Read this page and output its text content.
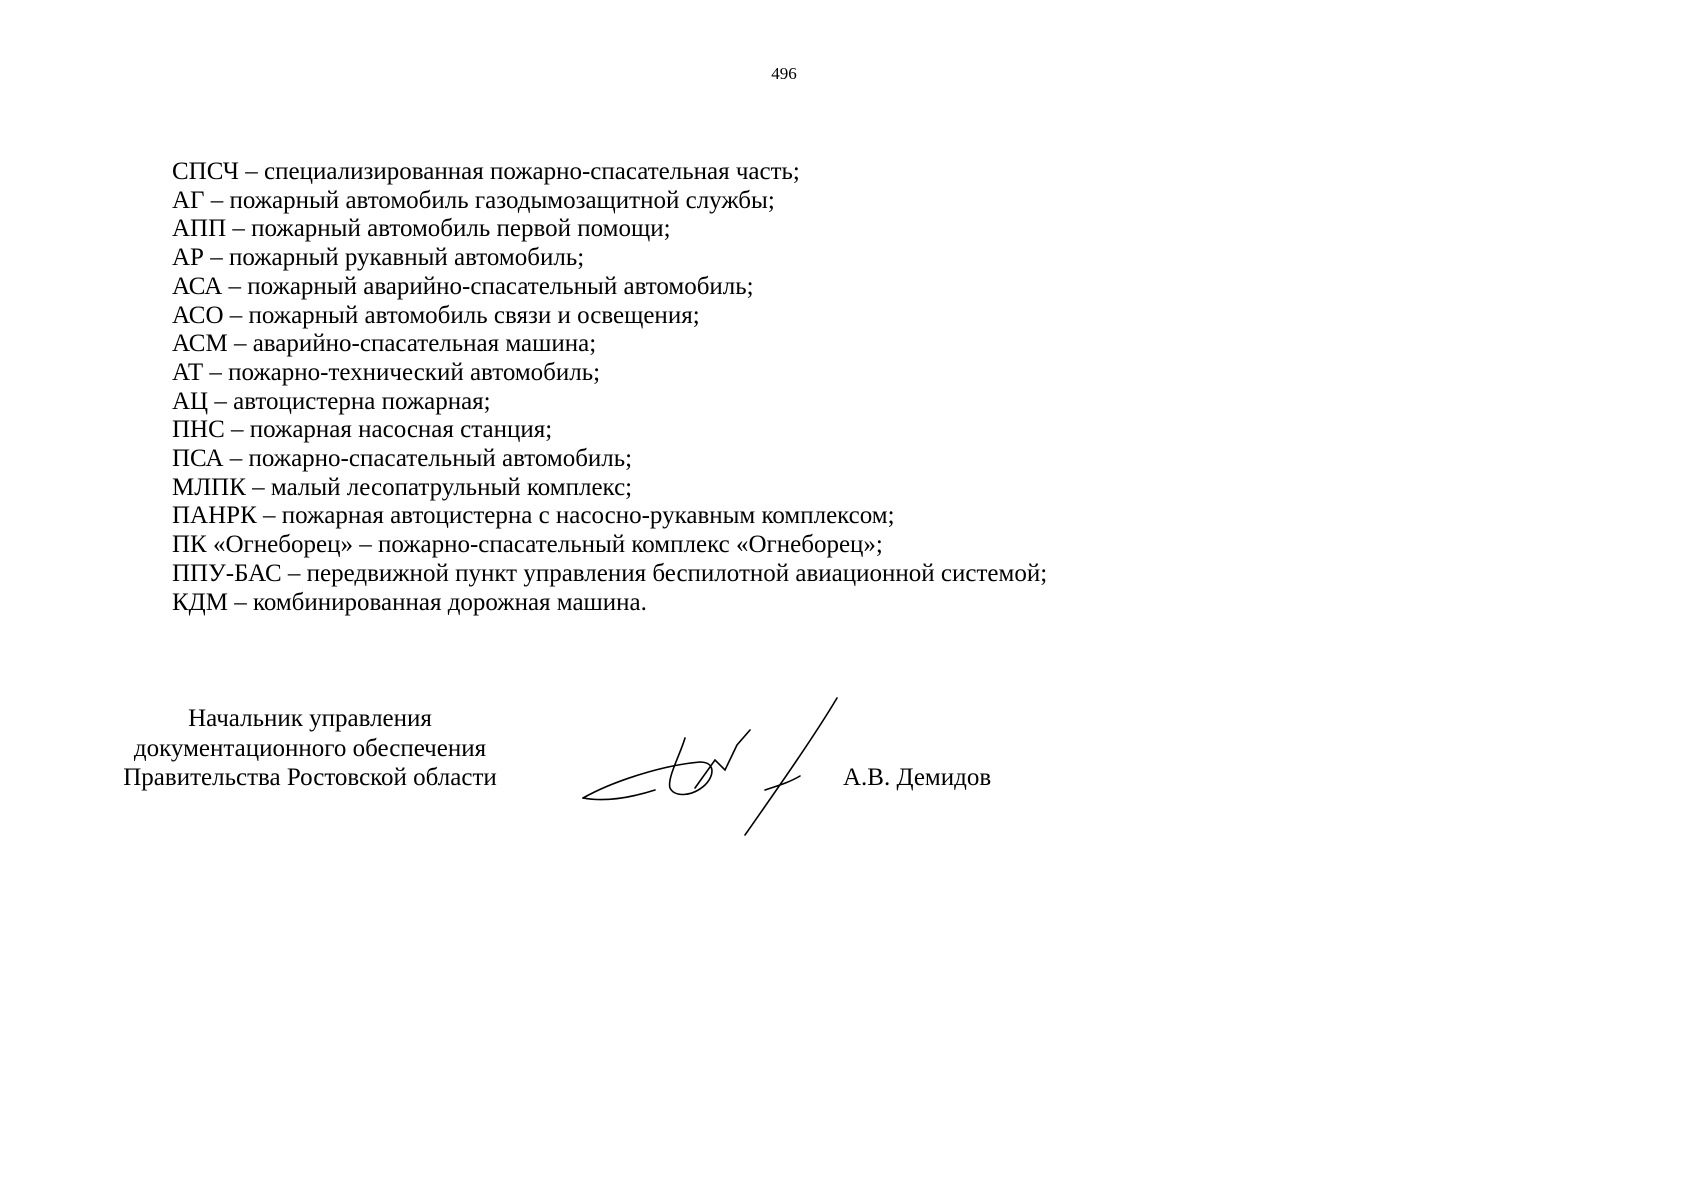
496
СПСЧ – специализированная пожарно-спасательная часть;
АГ – пожарный автомобиль газодымозащитной службы;
АПП – пожарный автомобиль первой помощи;
АР – пожарный рукавный автомобиль;
АСА – пожарный аварийно-спасательный автомобиль;
АСО – пожарный автомобиль связи и освещения;
АСМ – аварийно-спасательная машина;
АТ – пожарно-технический автомобиль;
АЦ – автоцистерна пожарная;
ПНС – пожарная насосная станция;
ПСА – пожарно-спасательный автомобиль;
МЛПК – малый лесопатрульный комплекс;
ПАНРК – пожарная автоцистерна с насосно-рукавным комплексом;
ПК «Огнеборец» – пожарно-спасательный комплекс «Огнеборец»;
ППУ-БАС – передвижной пункт управления беспилотной авиационной системой;
КДМ – комбинированная дорожная машина.
Начальник управления
документационного обеспечения
Правительства Ростовской области	А.В. Демидов
